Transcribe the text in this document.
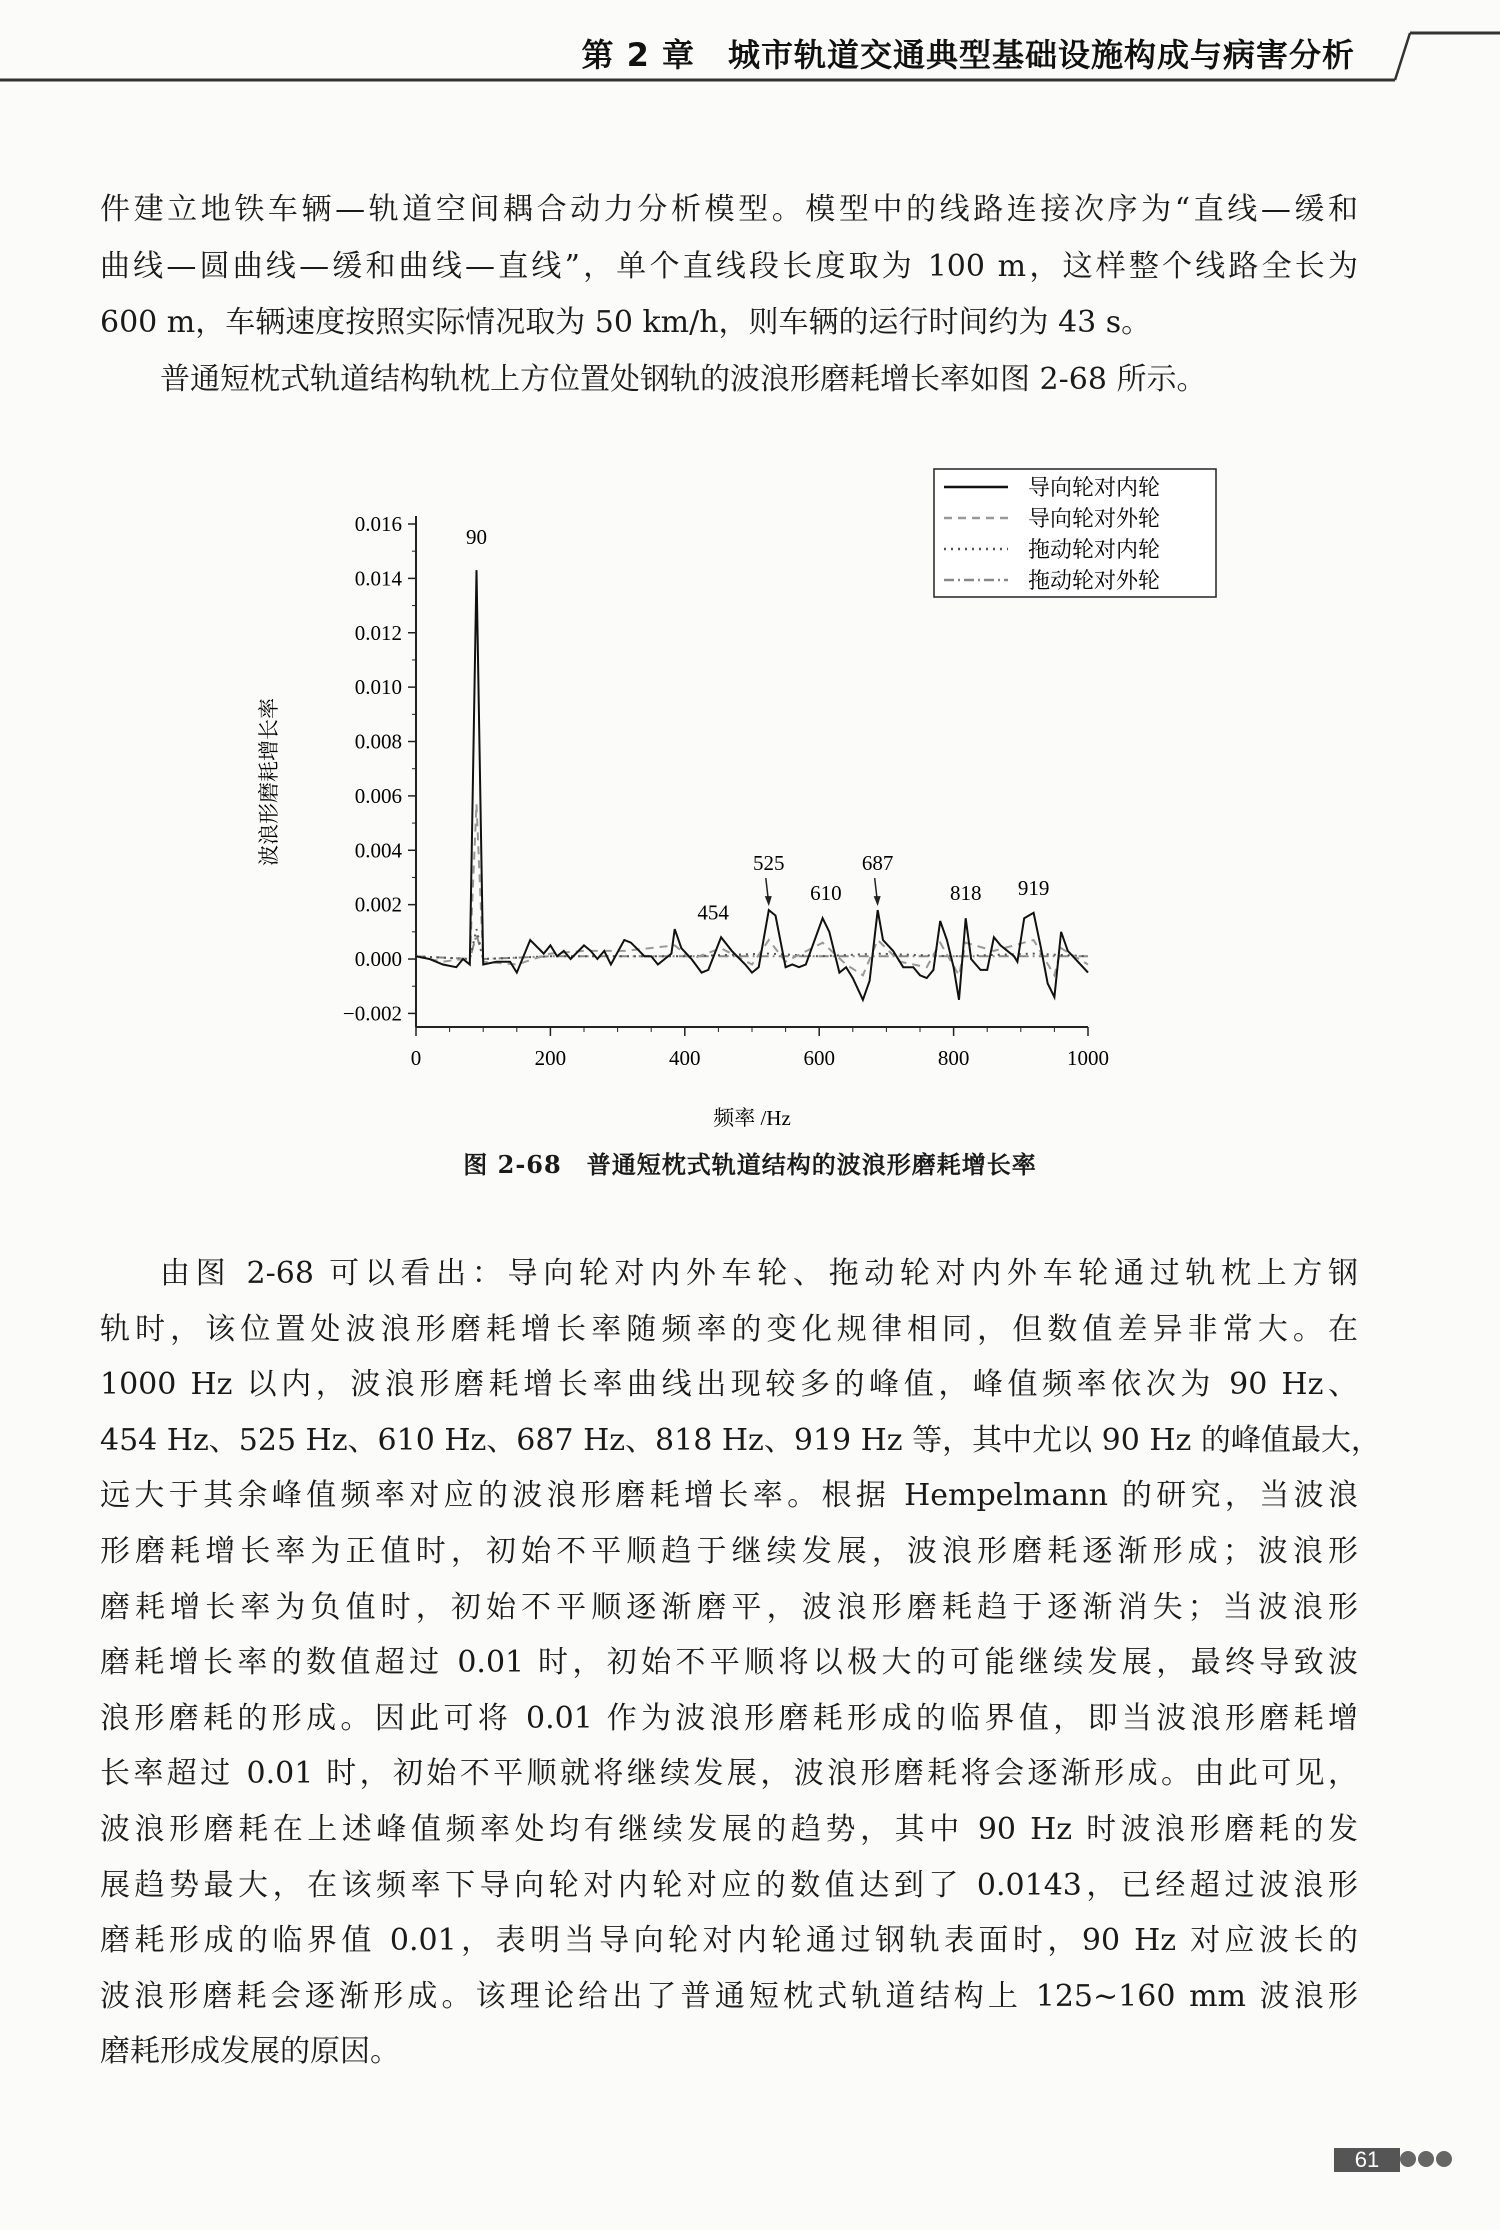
第 2 章　城市轨道交通典型基础设施构成与病害分析
件建立地铁车辆—轨道空间耦合动力分析模型。模型中的线路连接次序为“直线—缓和
曲线—圆曲线—缓和曲线—直线”，单个直线段长度取为 100 m，这样整个线路全长为
600 m，车辆速度按照实际情况取为 50 km/h，则车辆的运行时间约为 43 s。
普通短枕式轨道结构轨枕上方位置处钢轨的波浪形磨耗增长率如图 2-68 所示。
0.016
0.014
0.012
0.010
0.008
0.006
0.004
0.002
0.000
−0.002
0	200	400	600	800	1000
频率 /Hz
波浪形磨耗增长率
90
454
525
610
687
818 919
导向轮对内轮
导向轮对外轮
拖动轮对内轮
拖动轮对外轮
图 2-68　普通短枕式轨道结构的波浪形磨耗增长率
由图 2-68 可以看出：导向轮对内外车轮、拖动轮对内外车轮通过轨枕上方钢
轨时，该位置处波浪形磨耗增长率随频率的变化规律相同，但数值差异非常大。在
1000 Hz 以内，波浪形磨耗增长率曲线出现较多的峰值，峰值频率依次为 90 Hz、
454 Hz、525 Hz、610 Hz、687 Hz、818 Hz、919 Hz 等，其中尤以 90 Hz 的峰值最大，
远大于其余峰值频率对应的波浪形磨耗增长率。根据 Hempelmann 的研究，当波浪
形磨耗增长率为正值时，初始不平顺趋于继续发展，波浪形磨耗逐渐形成；波浪形
磨耗增长率为负值时，初始不平顺逐渐磨平，波浪形磨耗趋于逐渐消失；当波浪形
磨耗增长率的数值超过 0.01 时，初始不平顺将以极大的可能继续发展，最终导致波
浪形磨耗的形成。因此可将 0.01 作为波浪形磨耗形成的临界值，即当波浪形磨耗增
长率超过 0.01 时，初始不平顺就将继续发展，波浪形磨耗将会逐渐形成。由此可见，
波浪形磨耗在上述峰值频率处均有继续发展的趋势，其中 90 Hz 时波浪形磨耗的发
展趋势最大，在该频率下导向轮对内轮对应的数值达到了 0.0143，已经超过波浪形
磨耗形成的临界值 0.01，表明当导向轮对内轮通过钢轨表面时，90 Hz 对应波长的
波浪形磨耗会逐渐形成。该理论给出了普通短枕式轨道结构上 125~160 mm 波浪形
磨耗形成发展的原因。
61
